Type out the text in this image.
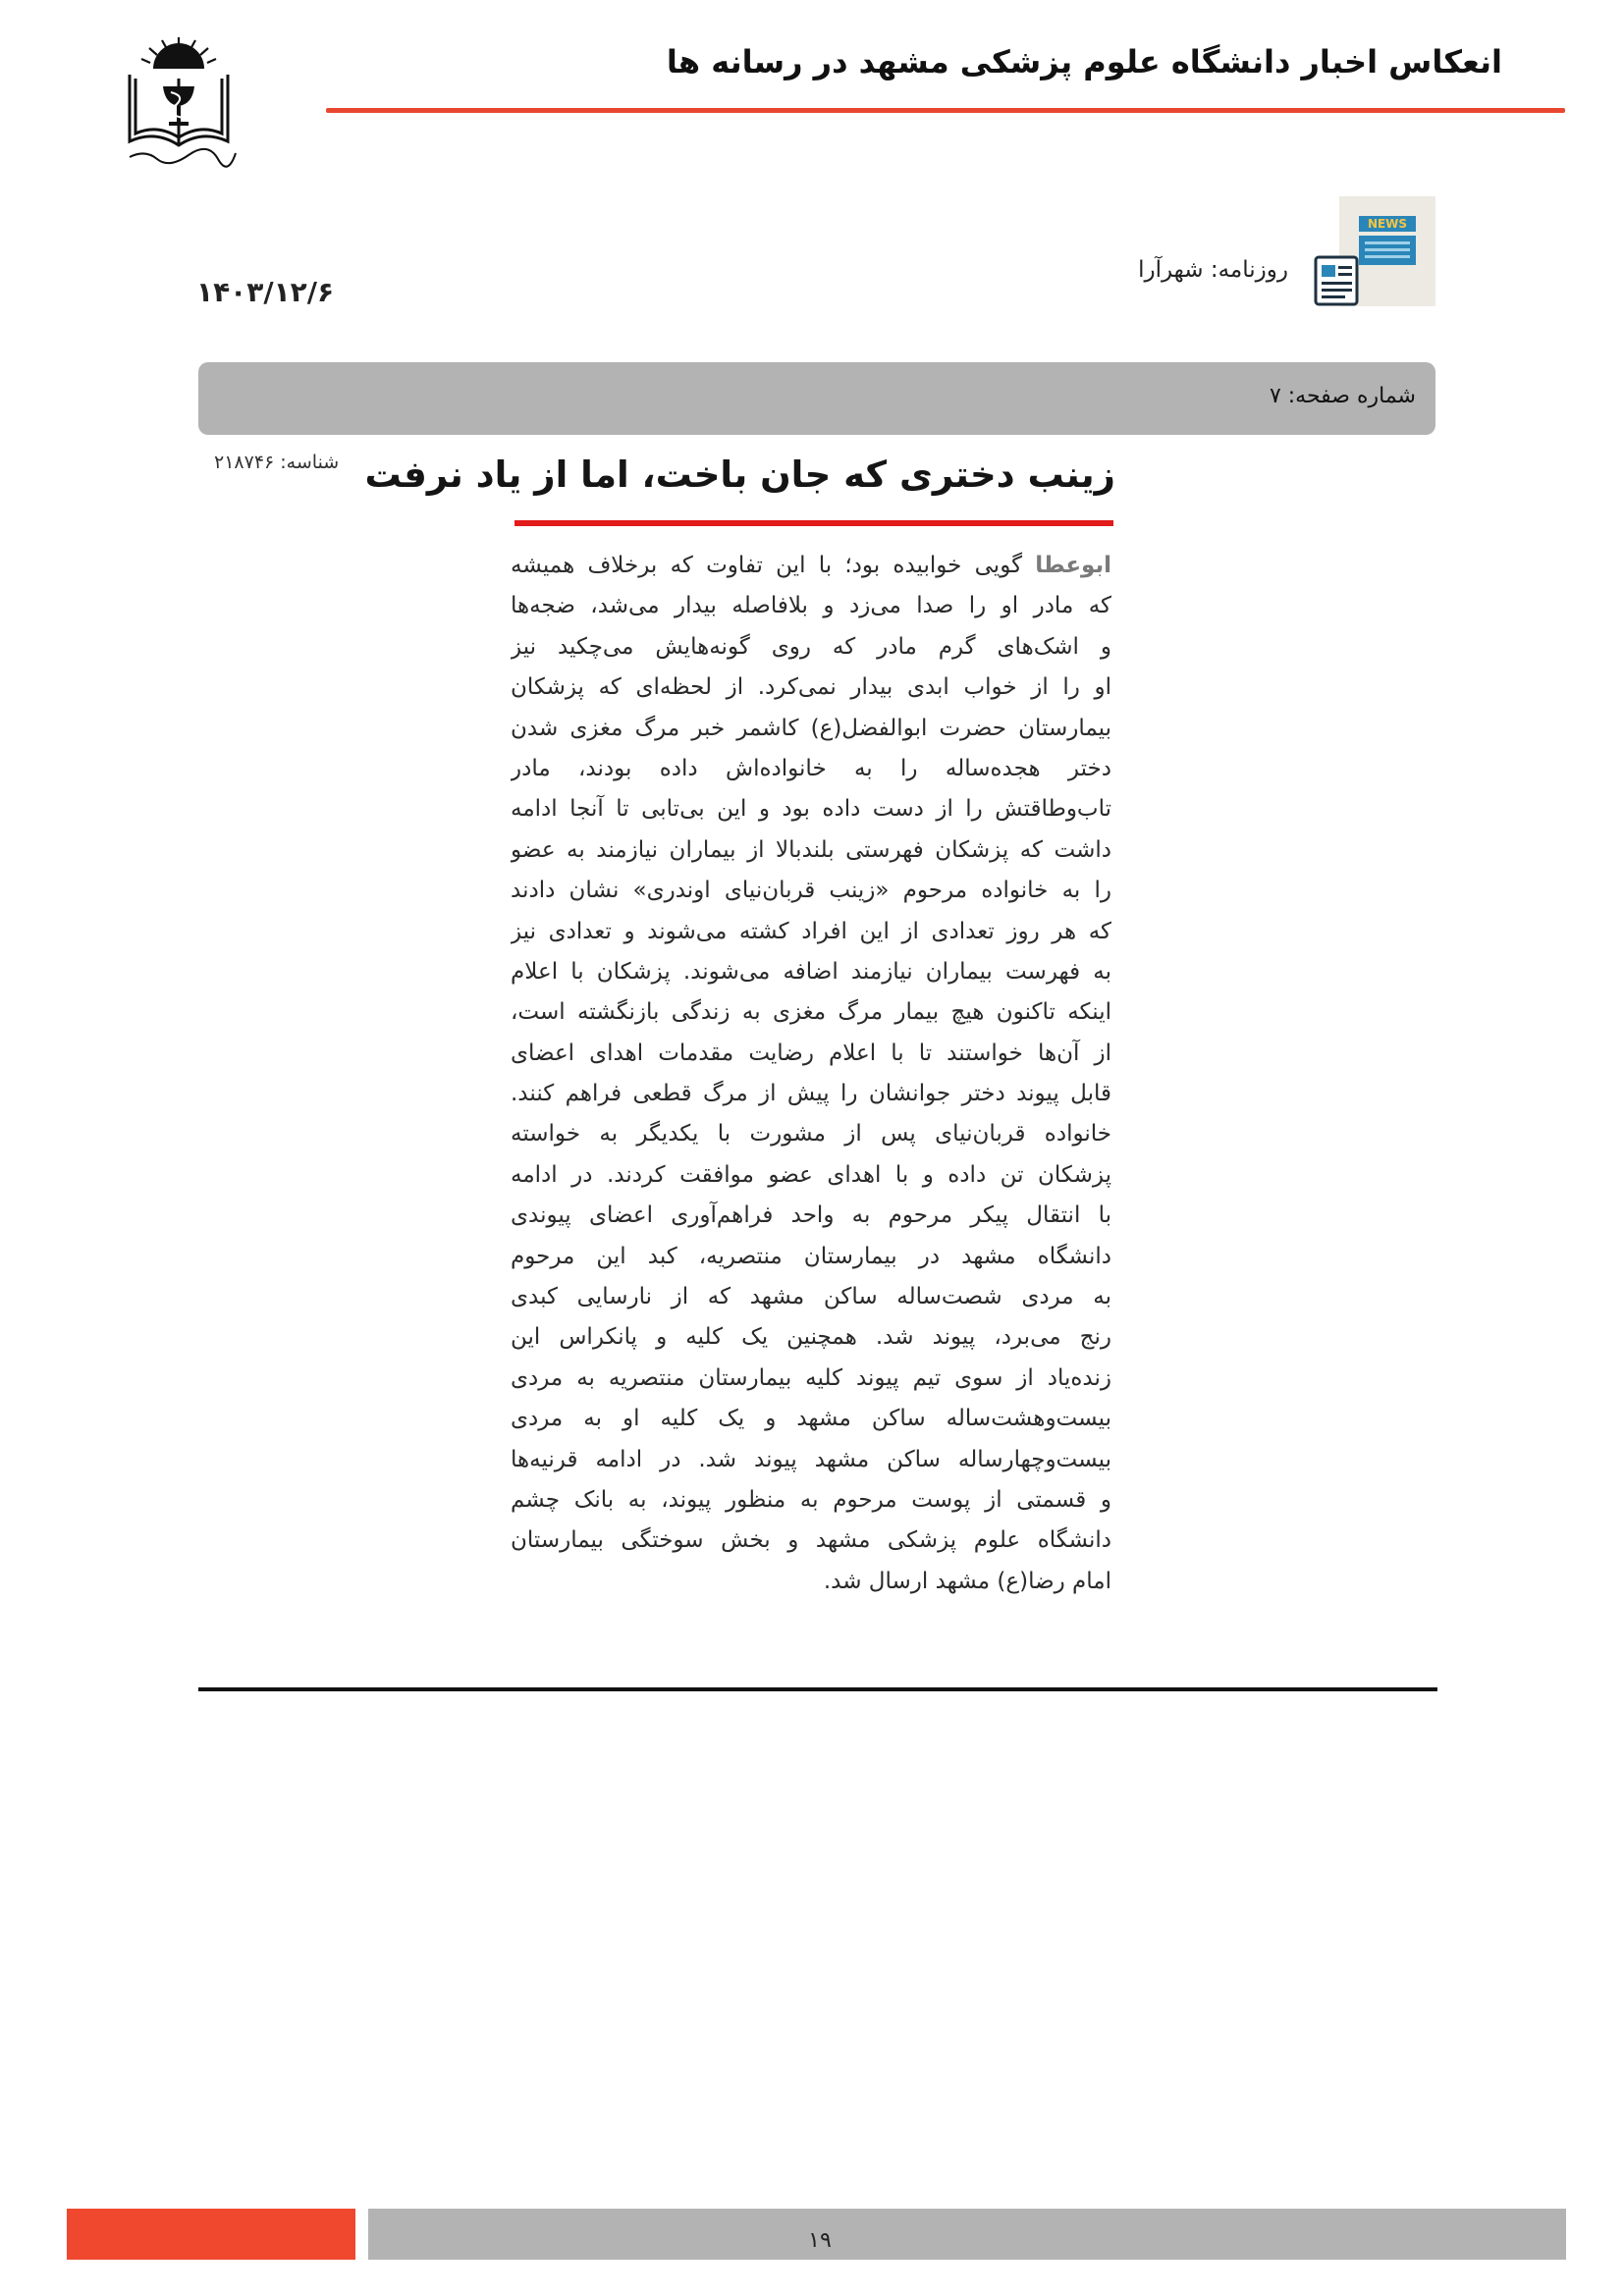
انعکاس اخبار دانشگاه علوم پزشکی مشهد در رسانه ها
NEWS
روزنامه: شهرآرا
۱۴۰۳/۱۲/۶
شماره صفحه: ۷
شناسه: ۲۱۸۷۴۶ زینب دختری که جان باخت، اما از یاد نرفت
ابوعطا گویی خوابیده بود؛ با این تفاوت که برخلاف همیشه
که مادر او را صدا می‌زد و بلافاصله بیدار می‌شد، ضجه‌ها
و اشک‌های گرم مادر که روی گونه‌هایش می‌چکید نیز
او را از خواب ابدی بیدار نمی‌کرد. از لحظه‌ای که پزشکان
بیمارستان حضرت ابوالفضل(ع) کاشمر خبر مرگ مغزی شدن
دختر هجده‌ساله را به خانواده‌اش داده بودند، مادر
تاب‌وطاقتش را از دست داده بود و این بی‌تابی تا آنجا ادامه
داشت که پزشکان فهرستی بلندبالا از بیماران نیازمند به عضو
را به خانواده مرحوم «زینب قربان‌نیای اوندری» نشان دادند
که هر روز تعدادی از این افراد کشته می‌شوند و تعدادی نیز
به فهرست بیماران نیازمند اضافه می‌شوند. پزشکان با اعلام
اینکه تاکنون هیچ بیمار مرگ مغزی به زندگی بازنگشته است،
از آن‌ها خواستند تا با اعلام رضایت مقدمات اهدای اعضای
قابل پیوند دختر جوانشان را پیش از مرگ قطعی فراهم کنند.
خانواده قربان‌نیای پس از مشورت با یکدیگر به خواسته
پزشکان تن داده و با اهدای عضو موافقت کردند. در ادامه
با انتقال پیکر مرحوم به واحد فراهم‌آوری اعضای پیوندی
دانشگاه مشهد در بیمارستان منتصریه، کبد این مرحوم
به مردی شصت‌ساله ساکن مشهد که از نارسایی کبدی
رنج می‌برد، پیوند شد. همچنین یک کلیه و پانکراس این
زنده‌یاد از سوی تیم پیوند کلیه بیمارستان منتصریه به مردی
بیست‌وهشت‌ساله ساکن مشهد و یک کلیه او به مردی
بیست‌وچهارساله ساکن مشهد پیوند شد. در ادامه قرنیه‌ها
و قسمتی از پوست مرحوم به منظور پیوند، به بانک چشم
دانشگاه علوم پزشکی مشهد و بخش سوختگی بیمارستان
امام رضا(ع) مشهد ارسال شد.
۱۹
